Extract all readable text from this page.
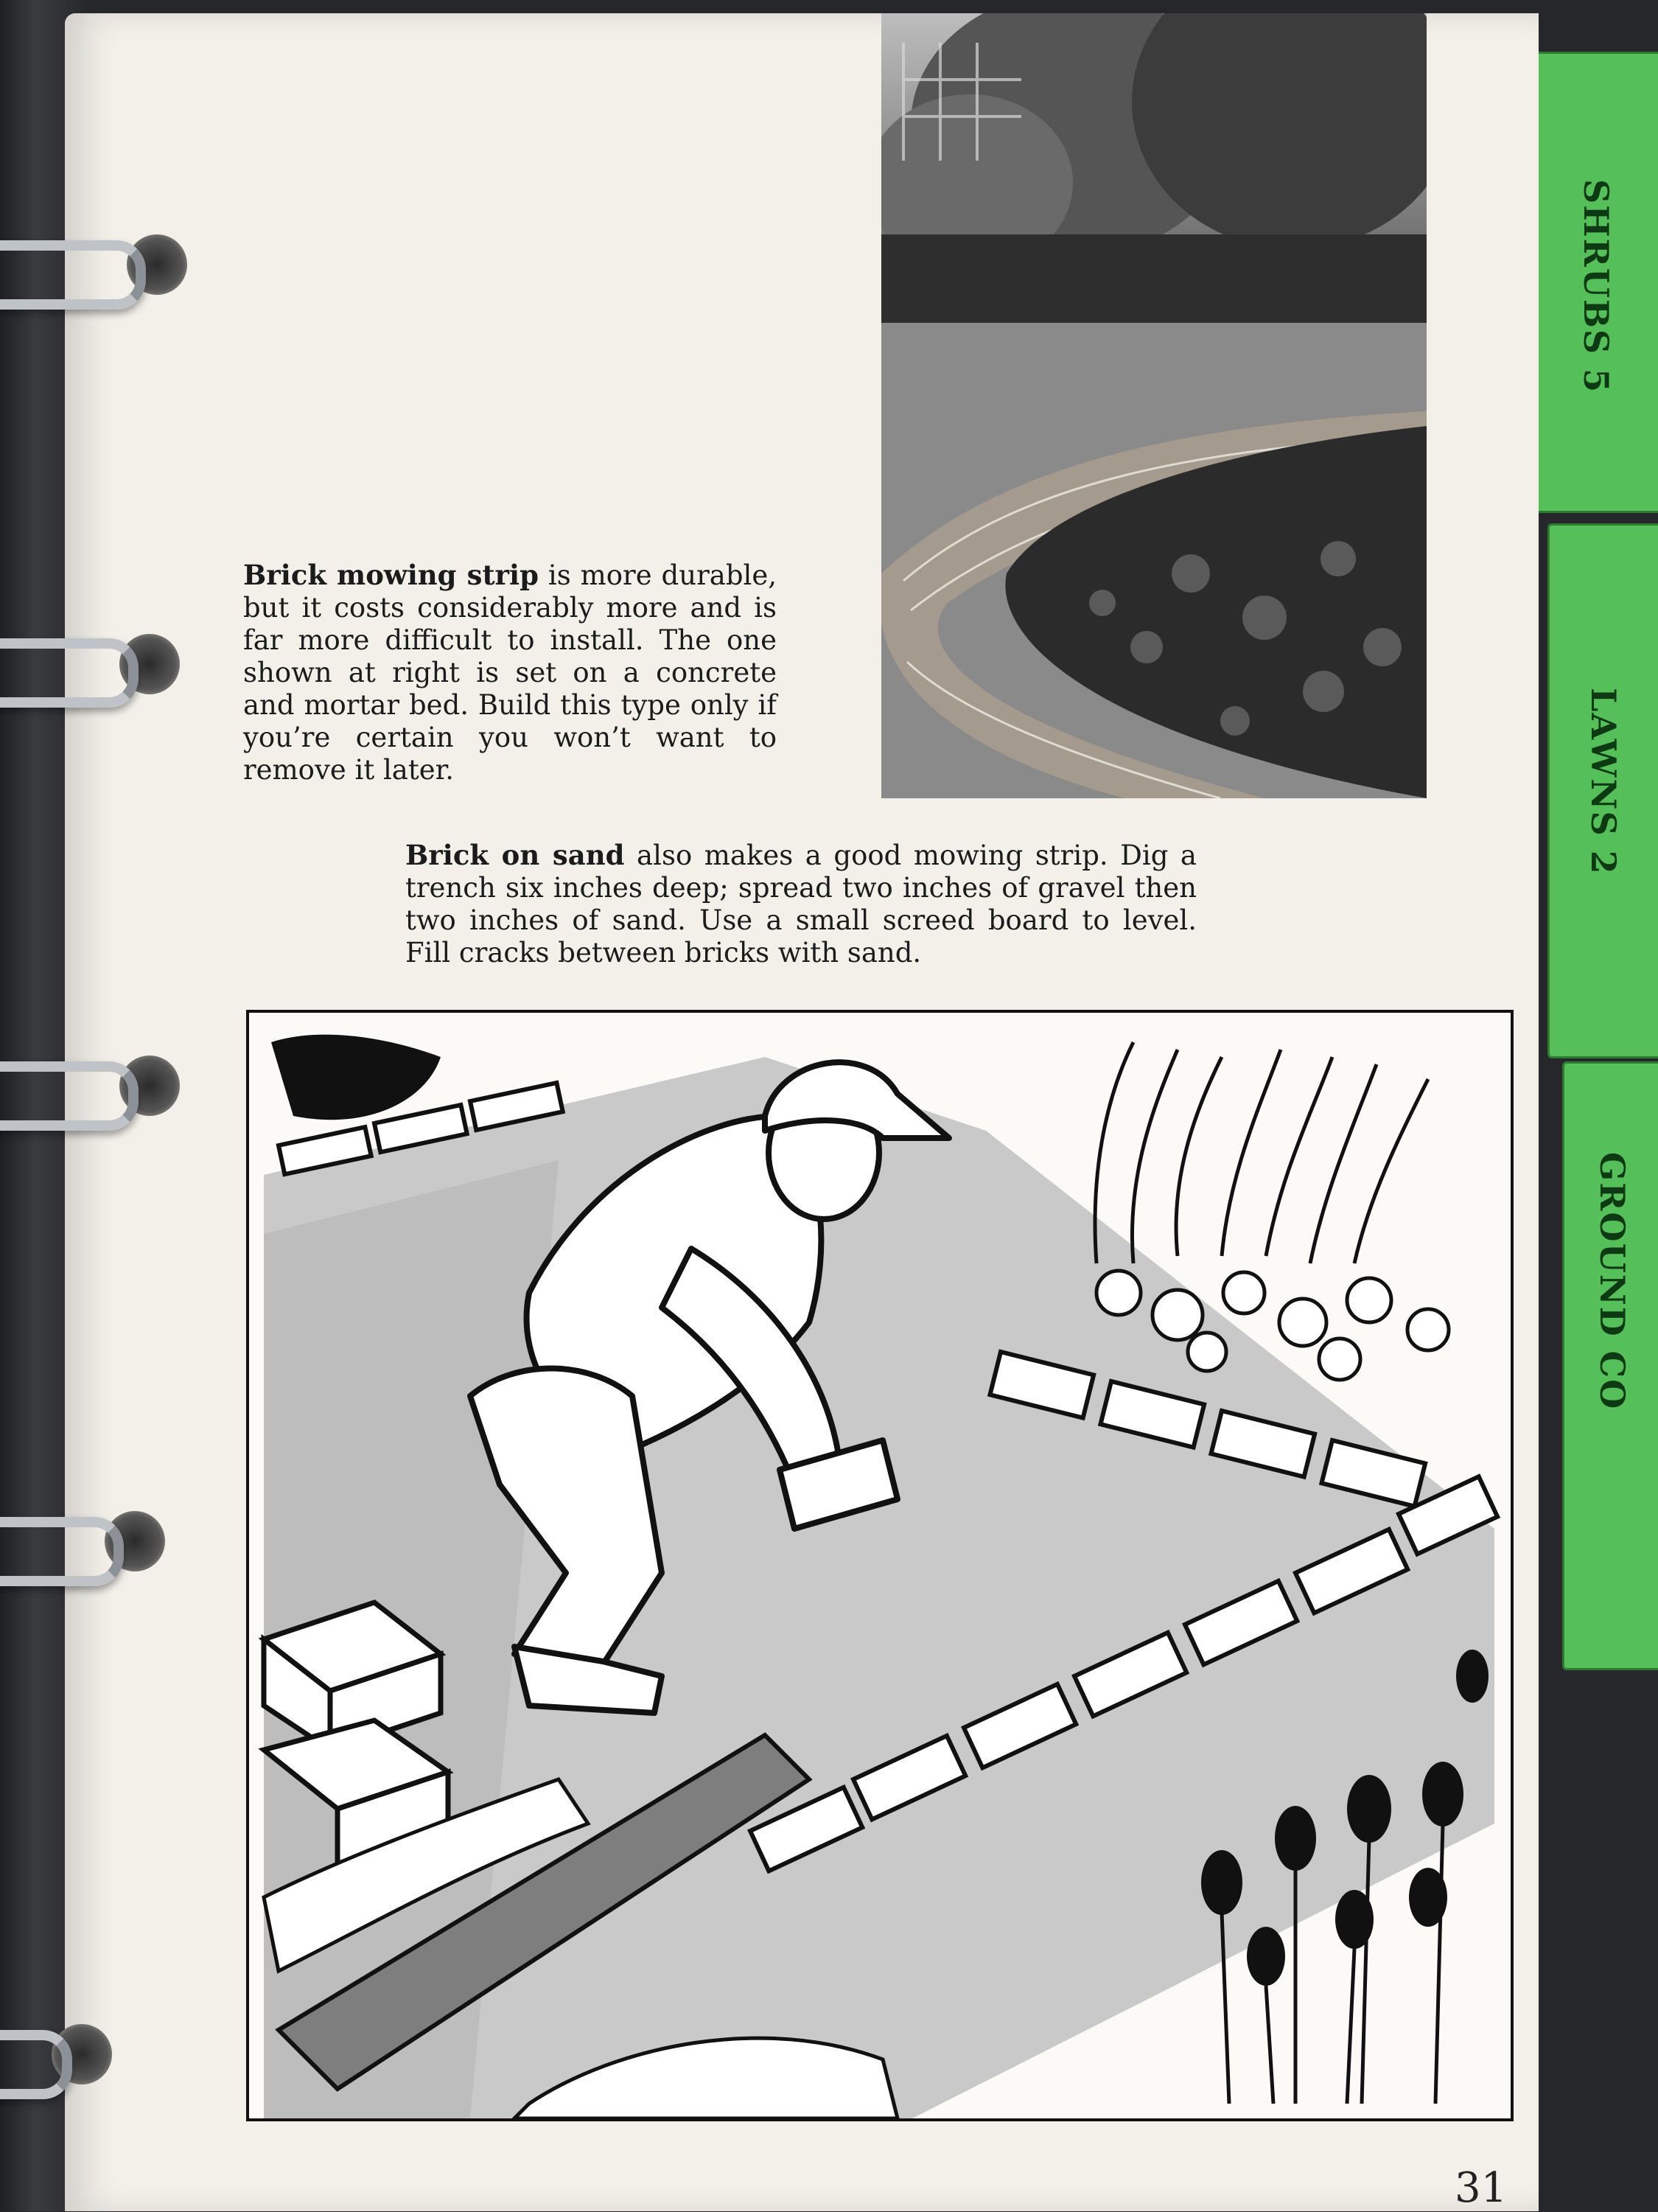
SHRUBS 5
LAWNS 2
GROUND CO
Brick mowing strip is more durable, but it costs considerably more and is far more difficult to install. The one shown at right is set on a concrete and mortar bed. Build this type only if you’re certain you won’t want to remove it later.
Brick on sand also makes a good mowing strip. Dig a trench six inches deep; spread two inches of gravel then two inches of sand. Use a small screed board to level. Fill cracks between bricks with sand.
31
